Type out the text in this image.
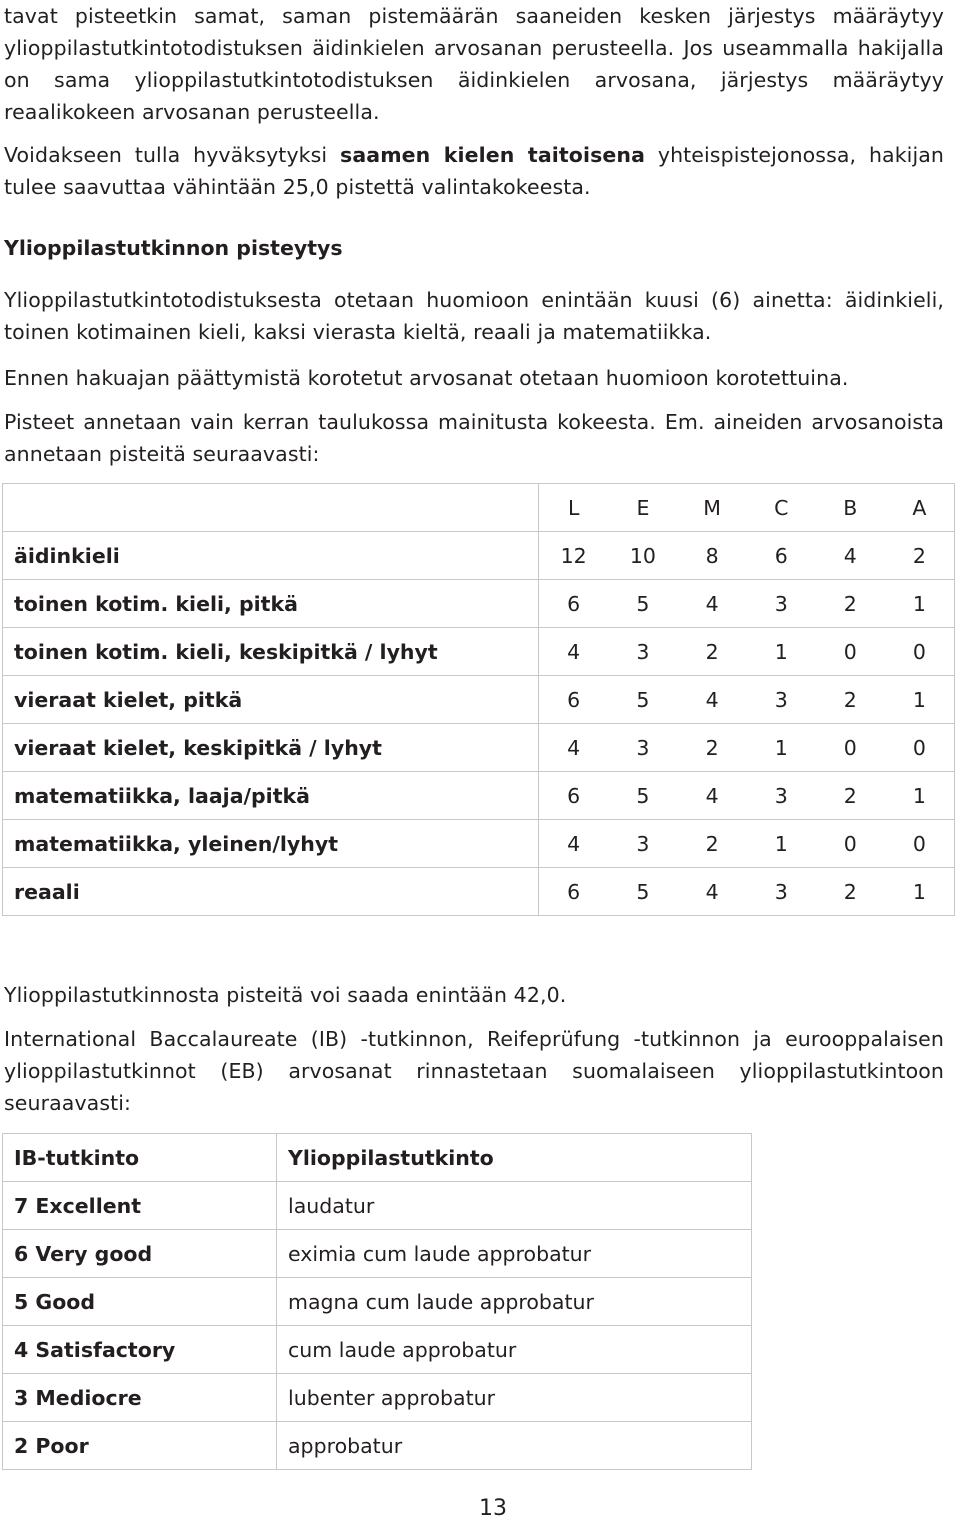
tavat pisteetkin samat, saman pistemäärän saaneiden kesken järjestys määräytyy ylioppilastutkintotodistuksen äidinkielen arvosanan perusteella. Jos useammalla hakijalla on sama ylioppilastutkintotodistuksen äidinkielen arvosana, järjestys määräytyy reaalikokeen arvosanan perusteella.

Voidakseen tulla hyväksytyksi saamen kielen taitoisena yhteispistejonossa, hakijan tulee saavuttaa vähintään 25,0 pistettä valintakokeesta.

Ylioppilastutkinnon pisteytys

Ylioppilastutkintotodistuksesta otetaan huomioon enintään kuusi (6) ainetta: äidinkieli, toinen kotimainen kieli, kaksi vierasta kieltä, reaali ja matematiikka.

Ennen hakuajan päättymistä korotetut arvosanat otetaan huomioon korotettuina.

Pisteet annetaan vain kerran taulukossa mainitusta kokeesta. Em. aineiden arvosanoista annetaan pisteitä seuraavasti:

	L	E	M	C	B	A
äidinkieli	12	10	8	6	4	2
toinen kotim. kieli, pitkä	6	5	4	3	2	1
toinen kotim. kieli, keskipitkä / lyhyt	4	3	2	1	0	0
vieraat kielet, pitkä	6	5	4	3	2	1
vieraat kielet, keskipitkä / lyhyt	4	3	2	1	0	0
matematiikka, laaja/pitkä	6	5	4	3	2	1
matematiikka, yleinen/lyhyt	4	3	2	1	0	0
reaali	6	5	4	3	2	1

Ylioppilastutkinnosta pisteitä voi saada enintään 42,0.

International Baccalaureate (IB) -tutkinnon, Reifeprüfung -tutkinnon ja eurooppalaisen ylioppilastutkinnot (EB) arvosanat rinnastetaan suomalaiseen ylioppilastutkintoon seuraavasti:

IB-tutkinto	Ylioppilastutkinto
7 Excellent	laudatur
6 Very good	eximia cum laude approbatur
5 Good	magna cum laude approbatur
4 Satisfactory	cum laude approbatur
3 Mediocre	lubenter approbatur
2 Poor	approbatur

13
